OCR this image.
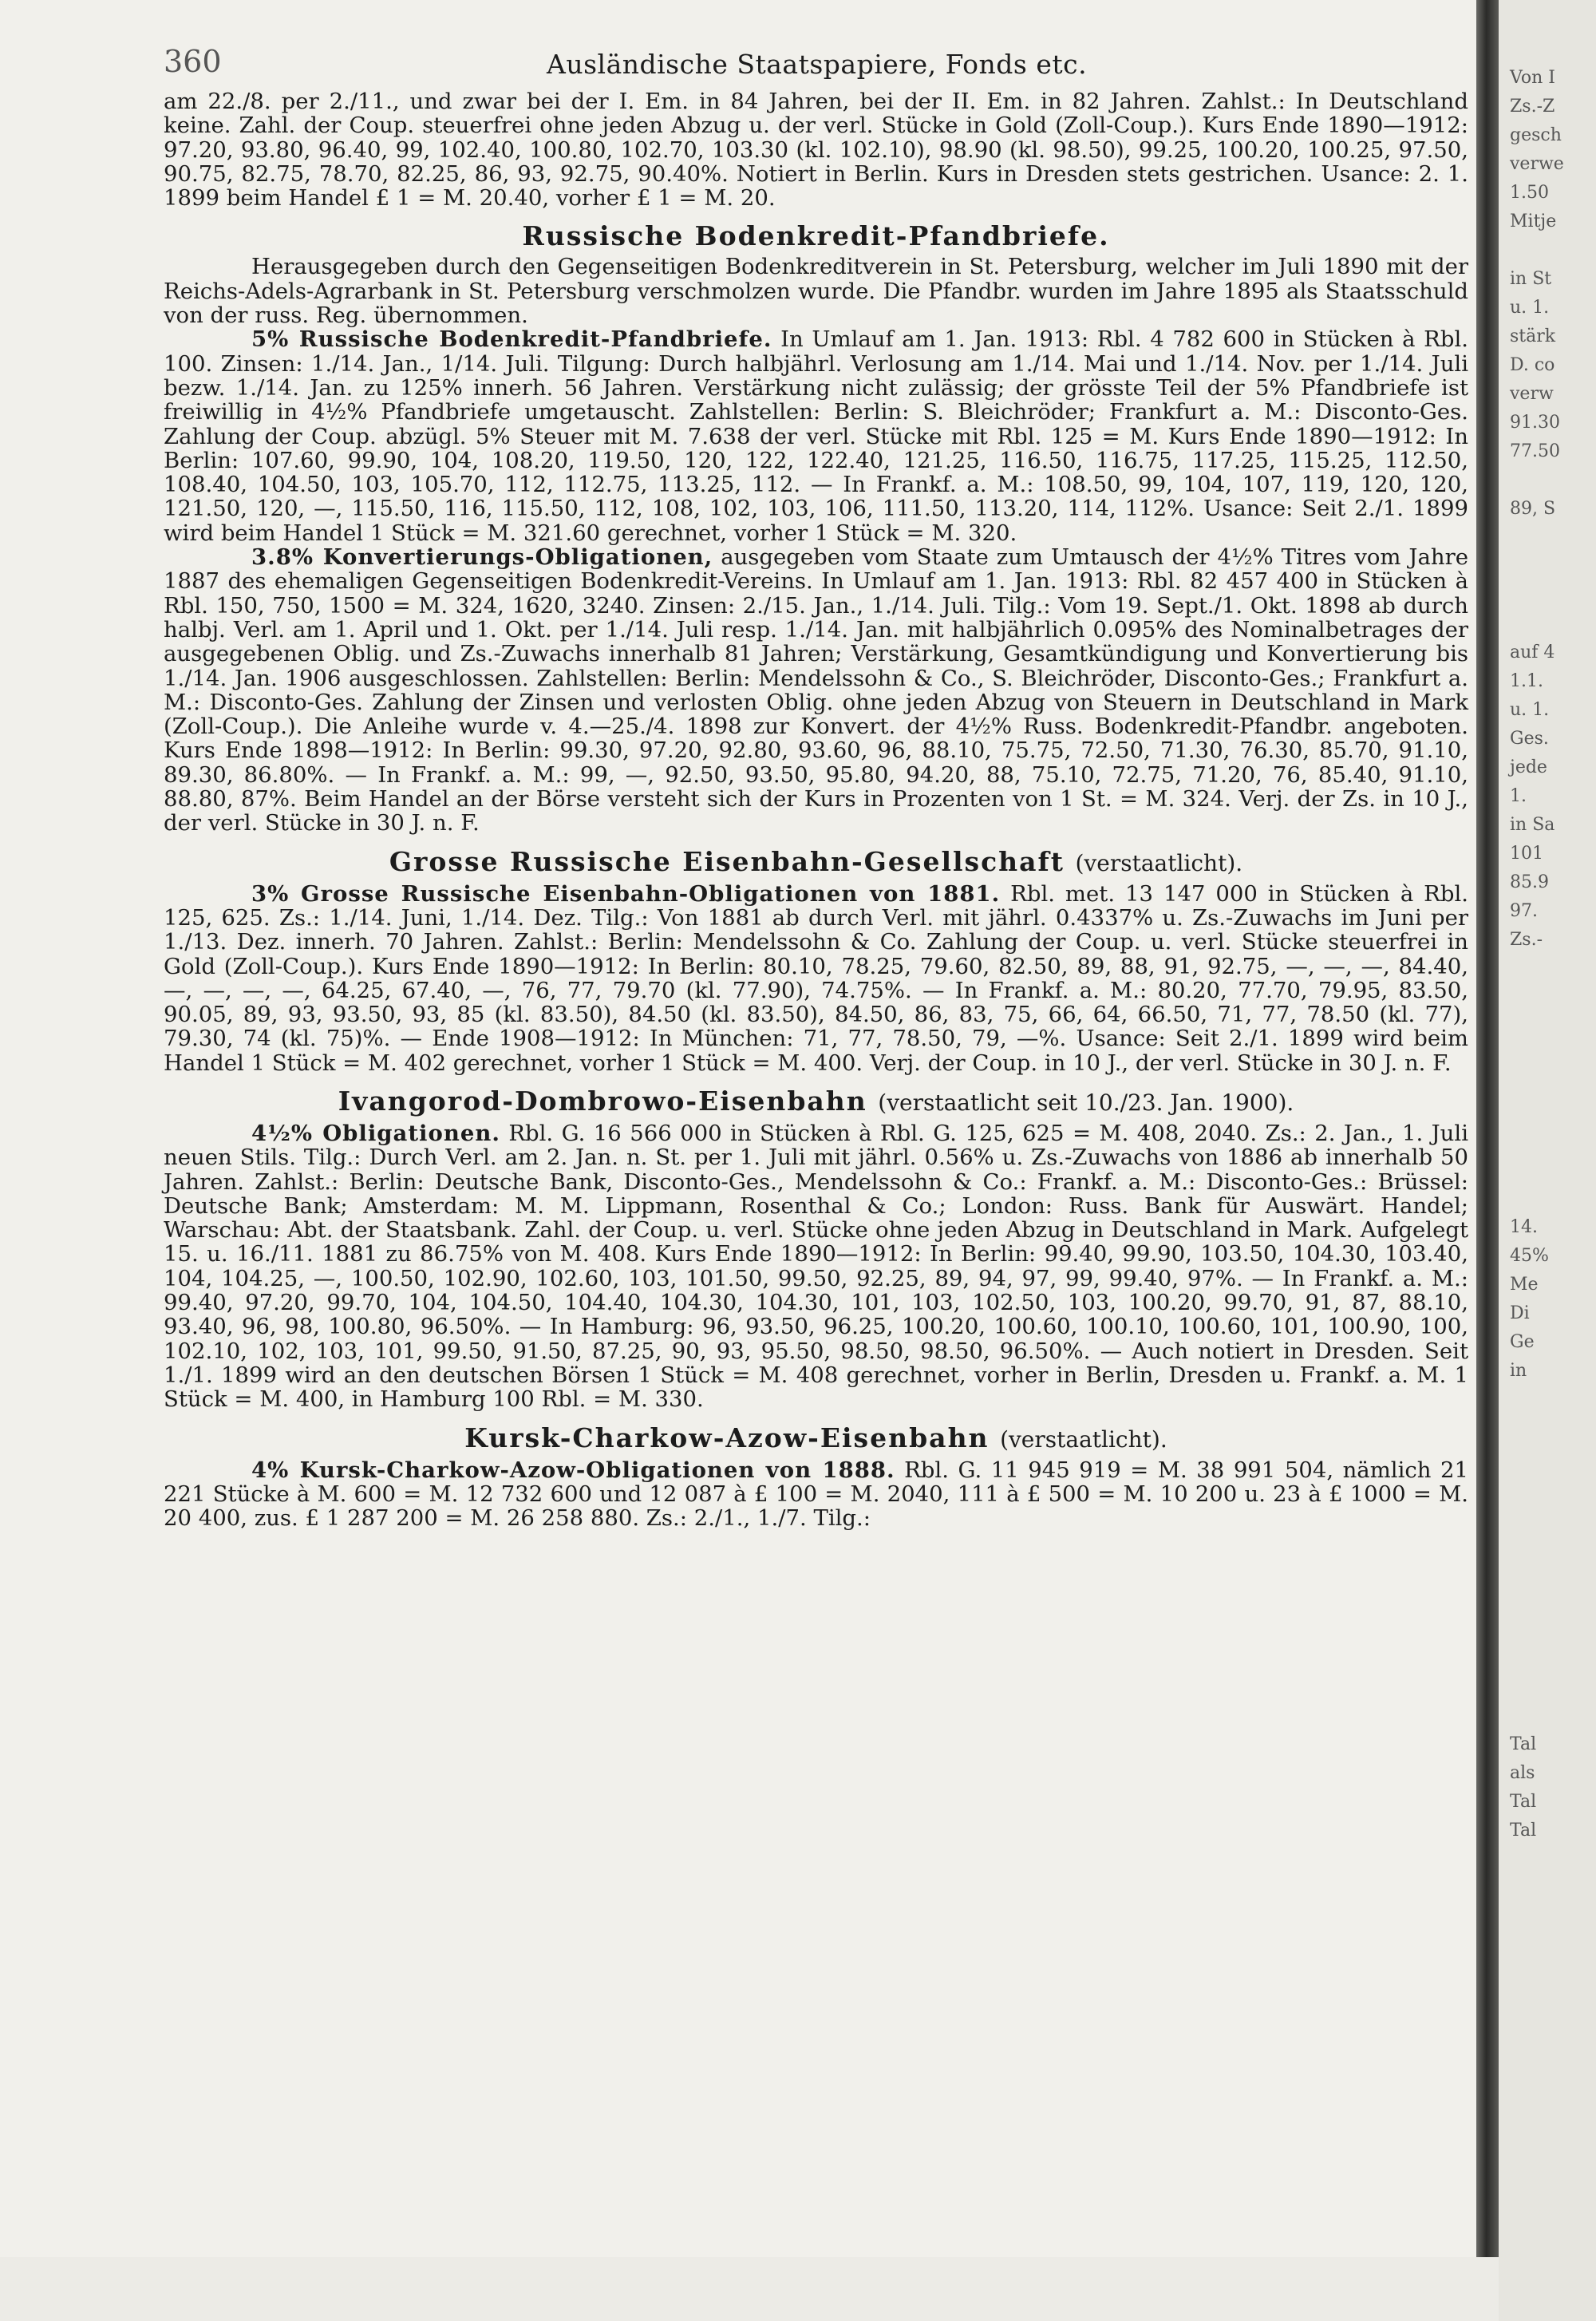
360	Ausländische Staatspapiere, Fonds etc.

am 22./8. per 2./11., und zwar bei der I. Em. in 84 Jahren, bei der II. Em. in 82 Jahren. Zahlst.: In Deutschland keine. Zahl. der Coup. steuerfrei ohne jeden Abzug u. der verl. Stücke in Gold (Zoll-Coup.). Kurs Ende 1890—1912: 97.20, 93.80, 96.40, 99, 102.40, 100.80, 102.70, 103.30 (kl. 102.10), 98.90 (kl. 98.50), 99.25, 100.20, 100.25, 97.50, 90.75, 82.75, 78.70, 82.25, 86, 93, 92.75, 90.40%. Notiert in Berlin. Kurs in Dresden stets gestrichen. Usance: 2. 1. 1899 beim Handel £ 1 = M. 20.40, vorher £ 1 = M. 20.

Russische Bodenkredit-Pfandbriefe.

Herausgegeben durch den Gegenseitigen Bodenkreditverein in St. Petersburg, welcher im Juli 1890 mit der Reichs-Adels-Agrarbank in St. Petersburg verschmolzen wurde. Die Pfandbr. wurden im Jahre 1895 als Staatsschuld von der russ. Reg. übernommen.

5% Russische Bodenkredit-Pfandbriefe. In Umlauf am 1. Jan. 1913: Rbl. 4 782 600 in Stücken à Rbl. 100. Zinsen: 1./14. Jan., 1/14. Juli. Tilgung: Durch halbjährl. Verlosung am 1./14. Mai und 1./14. Nov. per 1./14. Juli bezw. 1./14. Jan. zu 125% innerh. 56 Jahren. Verstärkung nicht zulässig; der grösste Teil der 5% Pfandbriefe ist freiwillig in 4½% Pfandbriefe umgetauscht. Zahlstellen: Berlin: S. Bleichröder; Frankfurt a. M.: Disconto-Ges. Zahlung der Coup. abzügl. 5% Steuer mit M. 7.638 der verl. Stücke mit Rbl. 125 = M. Kurs Ende 1890—1912: In Berlin: 107.60, 99.90, 104, 108.20, 119.50, 120, 122, 122.40, 121.25, 116.50, 116.75, 117.25, 115.25, 112.50, 108.40, 104.50, 103, 105.70, 112, 112.75, 113.25, 112. — In Frankf. a. M.: 108.50, 99, 104, 107, 119, 120, 120, 121.50, 120, —, 115.50, 116, 115.50, 112, 108, 102, 103, 106, 111.50, 113.20, 114, 112%. Usance: Seit 2./1. 1899 wird beim Handel 1 Stück = M. 321.60 gerechnet, vorher 1 Stück = M. 320.

3.8% Konvertierungs-Obligationen, ausgegeben vom Staate zum Umtausch der 4½% Titres vom Jahre 1887 des ehemaligen Gegenseitigen Bodenkredit-Vereins. In Umlauf am 1. Jan. 1913: Rbl. 82 457 400 in Stücken à Rbl. 150, 750, 1500 = M. 324, 1620, 3240. Zinsen: 2./15. Jan., 1./14. Juli. Tilg.: Vom 19. Sept./1. Okt. 1898 ab durch halbj. Verl. am 1. April und 1. Okt. per 1./14. Juli resp. 1./14. Jan. mit halbjährlich 0.095% des Nominalbetrages der ausgegebenen Oblig. und Zs.-Zuwachs innerhalb 81 Jahren; Verstärkung, Gesamtkündigung und Konvertierung bis 1./14. Jan. 1906 ausgeschlossen. Zahlstellen: Berlin: Mendelssohn & Co., S. Bleichröder, Disconto-Ges.; Frankfurt a. M.: Disconto-Ges. Zahlung der Zinsen und verlosten Oblig. ohne jeden Abzug von Steuern in Deutschland in Mark (Zoll-Coup.). Die Anleihe wurde v. 4.—25./4. 1898 zur Konvert. der 4½% Russ. Bodenkredit-Pfandbr. angeboten. Kurs Ende 1898—1912: In Berlin: 99.30, 97.20, 92.80, 93.60, 96, 88.10, 75.75, 72.50, 71.30, 76.30, 85.70, 91.10, 89.30, 86.80%. — In Frankf. a. M.: 99, —, 92.50, 93.50, 95.80, 94.20, 88, 75.10, 72.75, 71.20, 76, 85.40, 91.10, 88.80, 87%. Beim Handel an der Börse versteht sich der Kurs in Prozenten von 1 St. = M. 324. Verj. der Zs. in 10 J., der verl. Stücke in 30 J. n. F.

Grosse Russische Eisenbahn-Gesellschaft (verstaatlicht).

3% Grosse Russische Eisenbahn-Obligationen von 1881. Rbl. met. 13 147 000 in Stücken à Rbl. 125, 625. Zs.: 1./14. Juni, 1./14. Dez. Tilg.: Von 1881 ab durch Verl. mit jährl. 0.4337% u. Zs.-Zuwachs im Juni per 1./13. Dez. innerh. 70 Jahren. Zahlst.: Berlin: Mendelssohn & Co. Zahlung der Coup. u. verl. Stücke steuerfrei in Gold (Zoll-Coup.). Kurs Ende 1890—1912: In Berlin: 80.10, 78.25, 79.60, 82.50, 89, 88, 91, 92.75, —, —, —, 84.40, —, —, —, —, 64.25, 67.40, —, 76, 77, 79.70 (kl. 77.90), 74.75%. — In Frankf. a. M.: 80.20, 77.70, 79.95, 83.50, 90.05, 89, 93, 93.50, 93, 85 (kl. 83.50), 84.50 (kl. 83.50), 84.50, 86, 83, 75, 66, 64, 66.50, 71, 77, 78.50 (kl. 77), 79.30, 74 (kl. 75)%. — Ende 1908—1912: In München: 71, 77, 78.50, 79, —%. Usance: Seit 2./1. 1899 wird beim Handel 1 Stück = M. 402 gerechnet, vorher 1 Stück = M. 400. Verj. der Coup. in 10 J., der verl. Stücke in 30 J. n. F.

Ivangorod-Dombrowo-Eisenbahn (verstaatlicht seit 10./23. Jan. 1900).

4½% Obligationen. Rbl. G. 16 566 000 in Stücken à Rbl. G. 125, 625 = M. 408, 2040. Zs.: 2. Jan., 1. Juli neuen Stils. Tilg.: Durch Verl. am 2. Jan. n. St. per 1. Juli mit jährl. 0.56% u. Zs.-Zuwachs von 1886 ab innerhalb 50 Jahren. Zahlst.: Berlin: Deutsche Bank, Disconto-Ges., Mendelssohn & Co.: Frankf. a. M.: Disconto-Ges.: Brüssel: Deutsche Bank; Amsterdam: M. M. Lippmann, Rosenthal & Co.; London: Russ. Bank für Auswärt. Handel; Warschau: Abt. der Staatsbank. Zahl. der Coup. u. verl. Stücke ohne jeden Abzug in Deutschland in Mark. Aufgelegt 15. u. 16./11. 1881 zu 86.75% von M. 408. Kurs Ende 1890—1912: In Berlin: 99.40, 99.90, 103.50, 104.30, 103.40, 104, 104.25, —, 100.50, 102.90, 102.60, 103, 101.50, 99.50, 92.25, 89, 94, 97, 99, 99.40, 97%. — In Frankf. a. M.: 99.40, 97.20, 99.70, 104, 104.50, 104.40, 104.30, 104.30, 101, 103, 102.50, 103, 100.20, 99.70, 91, 87, 88.10, 93.40, 96, 98, 100.80, 96.50%. — In Hamburg: 96, 93.50, 96.25, 100.20, 100.60, 100.10, 100.60, 101, 100.90, 100, 102.10, 102, 103, 101, 99.50, 91.50, 87.25, 90, 93, 95.50, 98.50, 98.50, 96.50%. — Auch notiert in Dresden. Seit 1./1. 1899 wird an den deutschen Börsen 1 Stück = M. 408 gerechnet, vorher in Berlin, Dresden u. Frankf. a. M. 1 Stück = M. 400, in Hamburg 100 Rbl. = M. 330.

Kursk-Charkow-Azow-Eisenbahn (verstaatlicht).

4% Kursk-Charkow-Azow-Obligationen von 1888. Rbl. G. 11 945 919 = M. 38 991 504, nämlich 21 221 Stücke à M. 600 = M. 12 732 600 und 12 087 à £ 100 = M. 2040, 111 à £ 500 = M. 10 200 u. 23 à £ 1000 = M. 20 400, zus. £ 1 287 200 = M. 26 258 880. Zs.: 2./1., 1./7. Tilg.:

Von I
Zs.-Z
gesch
verwe
1.50
Mitje

in St
u. 1.
stärk
D. co
verw
91.30
77.50

89, S

auf 4
1.1.
u. 1.
Ges.
jede
1.
in Sa
101
85.9
97.
Zs.-

14.
45%
Me
Di
Ge
in

Tal
als
Tal
Tal
